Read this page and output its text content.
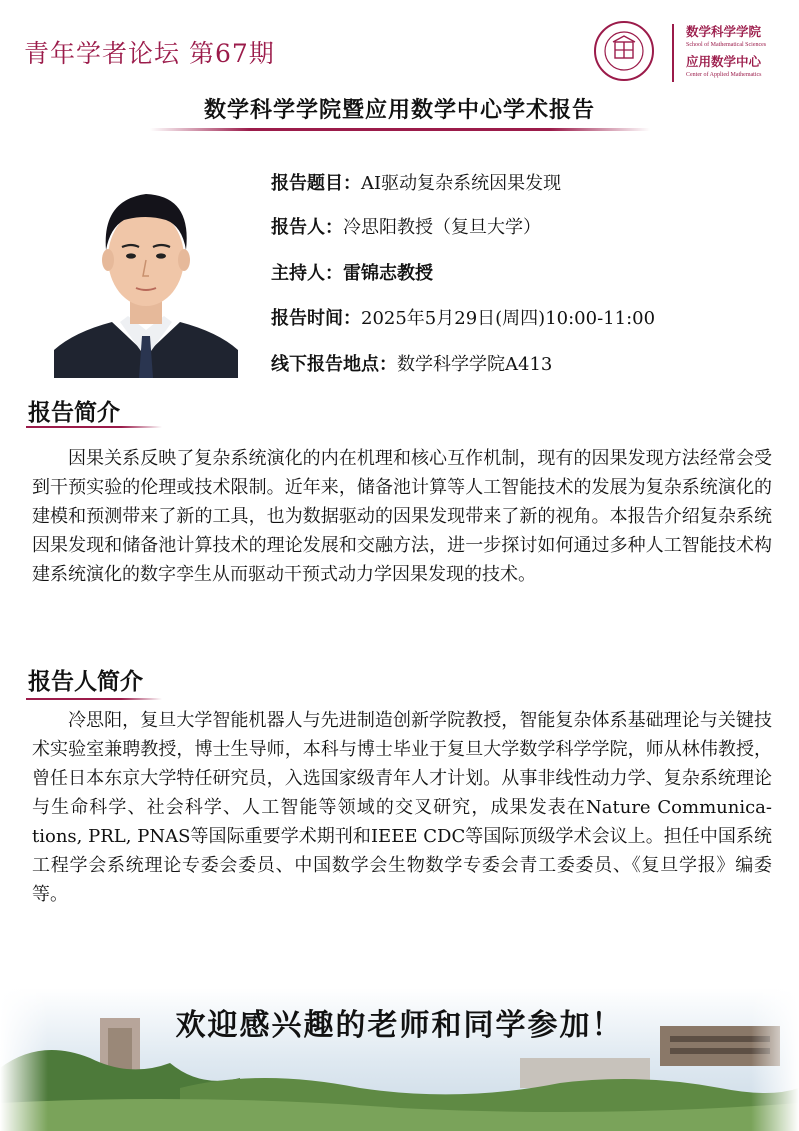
青年学者论坛 第67期
数学科学学院
School of Mathematical Sciences
应用数学中心
Center of Applied Mathematics
数学科学学院暨应用数学中心学术报告
报告题目：AI驱动复杂系统因果发现
报告人：冷思阳教授（复旦大学）
主持人：雷锦志教授
报告时间：2025年5月29日(周四)10:00-11:00
线下报告地点：数学科学学院A413
报告简介
因果关系反映了复杂系统演化的内在机理和核心互作机制，现有的因果发现方法经常会受到干预实验的伦理或技术限制。近年来，储备池计算等人工智能技术的发展为复杂系统演化的建模和预测带来了新的工具，也为数据驱动的因果发现带来了新的视角。本报告介绍复杂系统因果发现和储备池计算技术的理论发展和交融方法，进一步探讨如何通过多种人工智能技术构建系统演化的数字孪生从而驱动干预式动力学因果发现的技术。
报告人简介
冷思阳，复旦大学智能机器人与先进制造创新学院教授，智能复杂体系基础理论与关键技术实验室兼聘教授，博士生导师，本科与博士毕业于复旦大学数学科学学院，师从林伟教授，曾任日本东京大学特任研究员，入选国家级青年人才计划。从事非线性动力学、复杂系统理论与生命科学、社会科学、人工智能等领域的交叉研究，成果发表在Nature Communica-tions, PRL, PNAS等国际重要学术期刊和IEEE CDC等国际顶级学术会议上。担任中国系统工程学会系统理论专委会委员、中国数学会生物数学专委会青工委委员、《复旦学报》编委等。
欢迎感兴趣的老师和同学参加！
